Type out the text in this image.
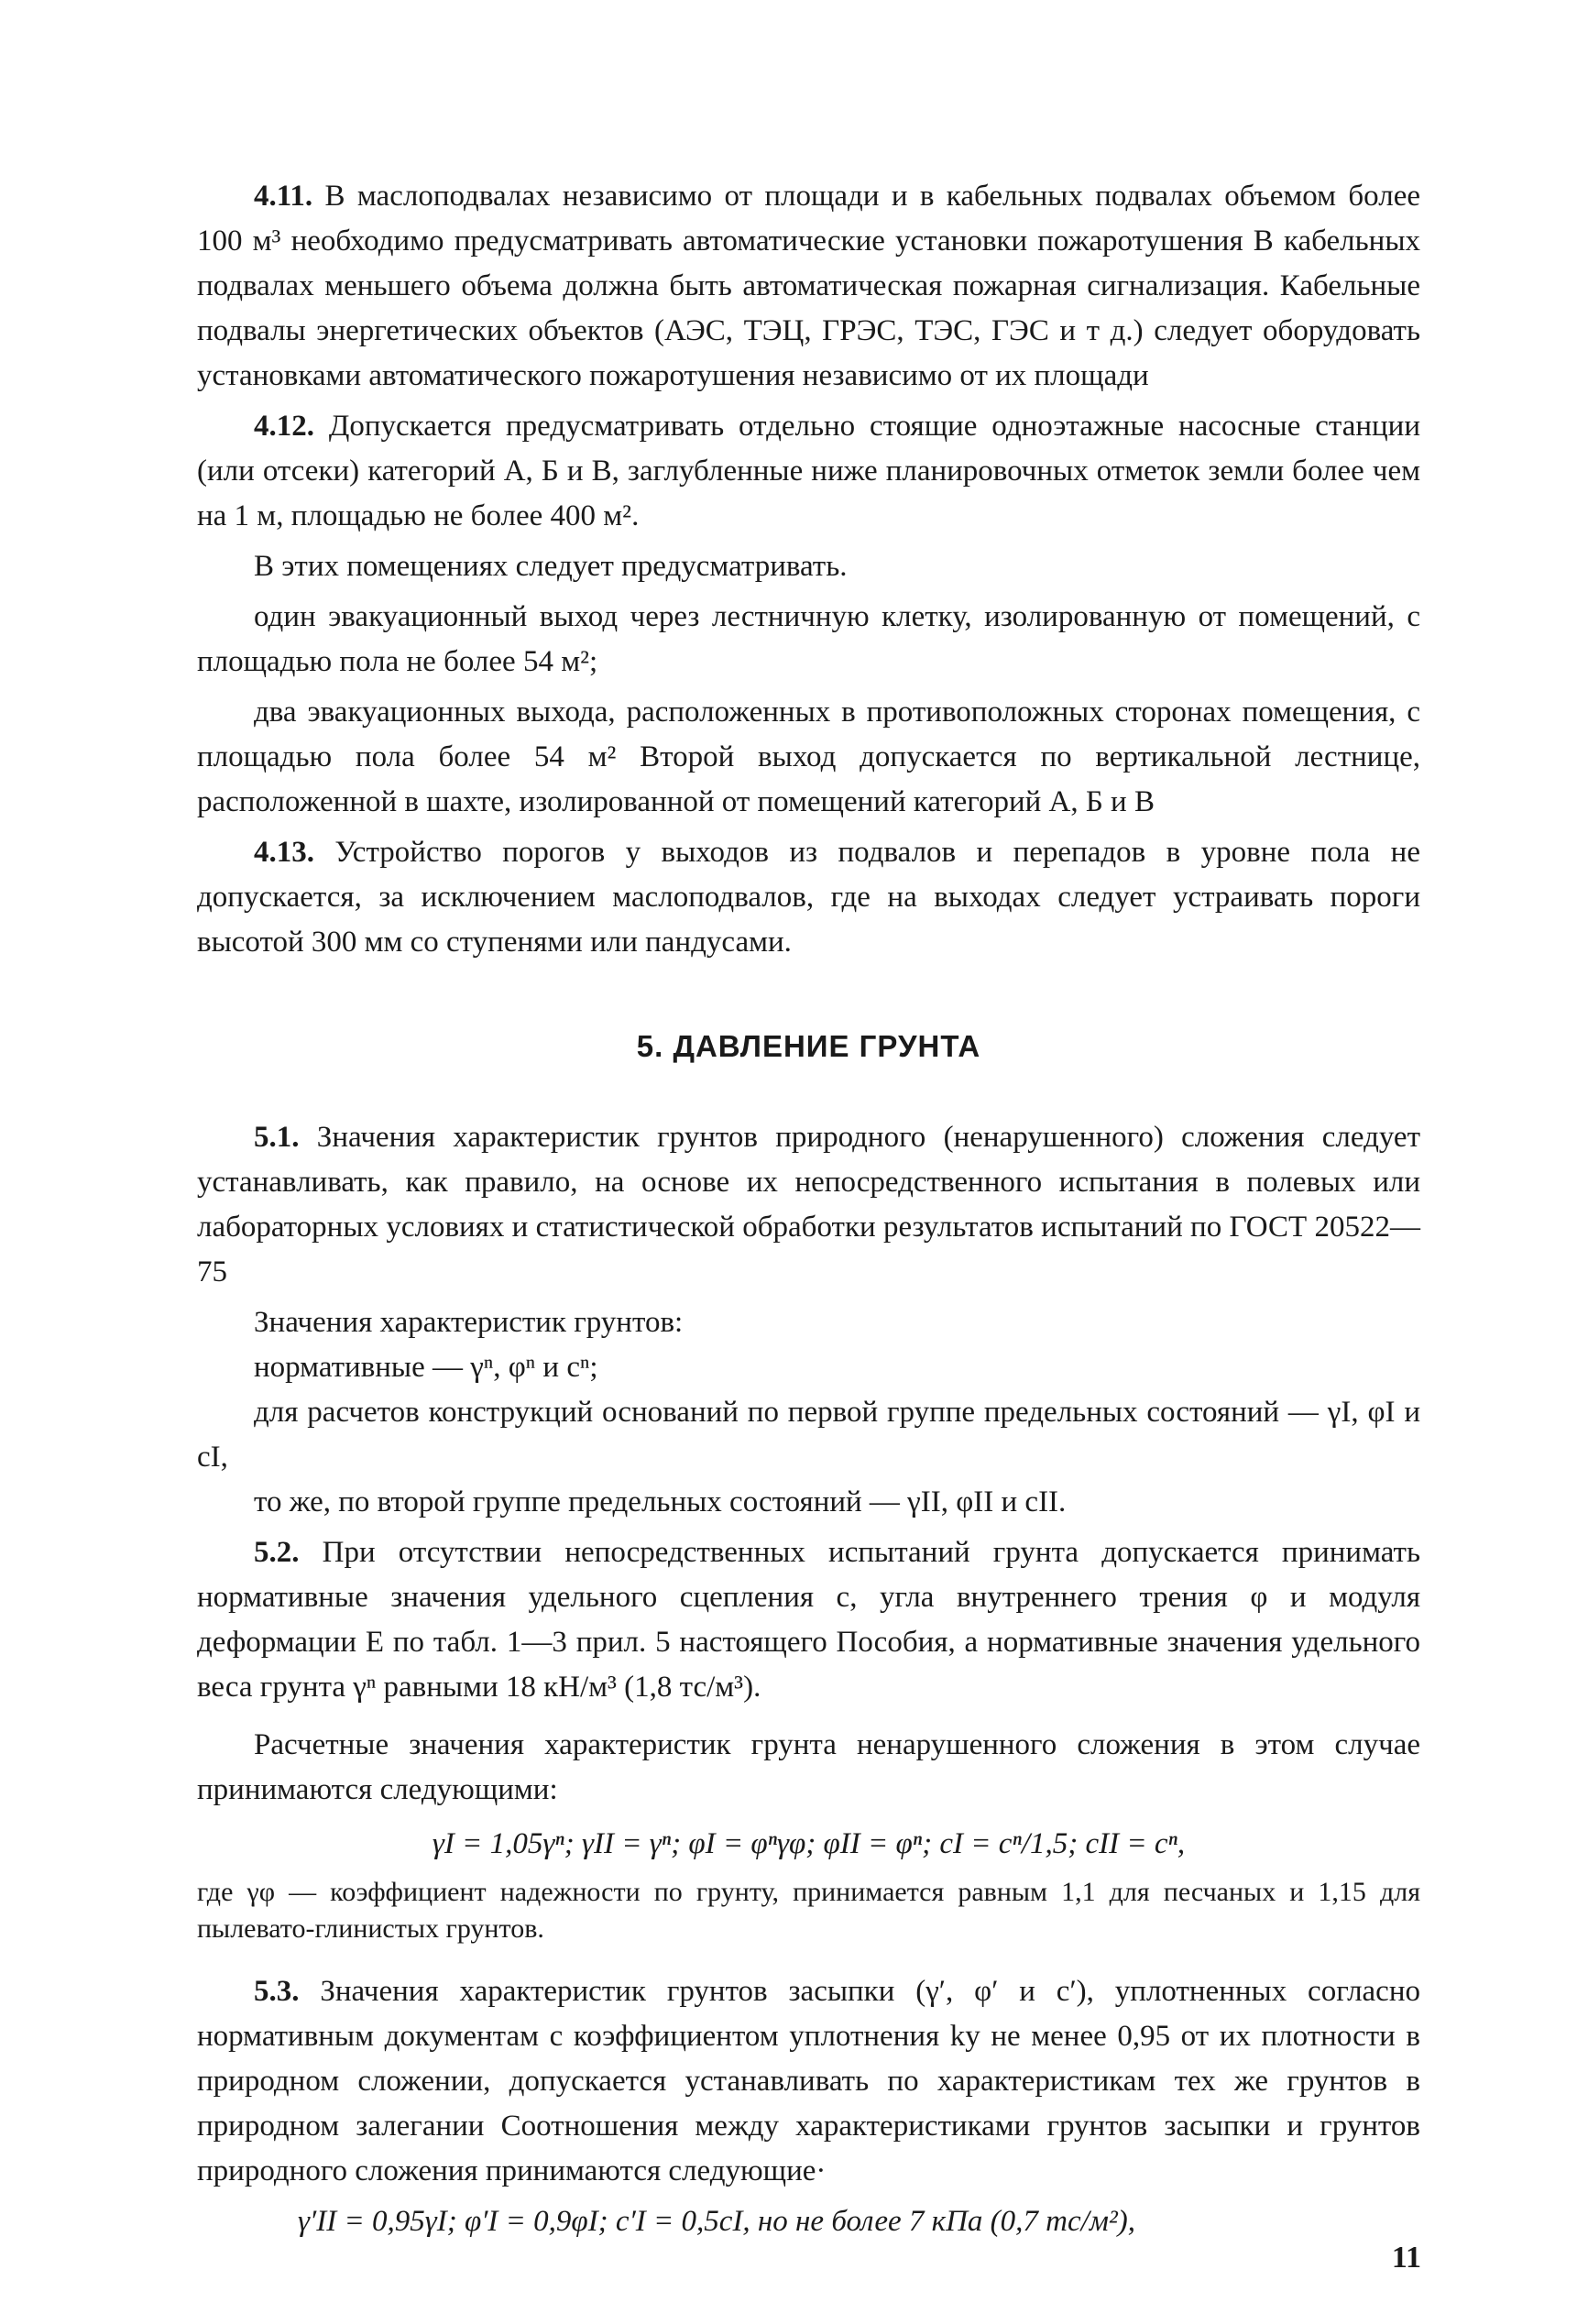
4.11. В маслоподвалах независимо от площади и в кабельных подвалах объемом более 100 м³ необходимо предусматривать автоматические установки пожаротушения В кабельных подвалах меньшего объема должна быть автоматическая пожарная сигнализация. Кабельные подвалы энергетических объектов (АЭС, ТЭЦ, ГРЭС, ТЭС, ГЭС и т д.) следует оборудовать установками автоматического пожаротушения независимо от их площади

4.12. Допускается предусматривать отдельно стоящие одноэтажные насосные станции (или отсеки) категорий А, Б и В, заглубленные ниже планировочных отметок земли более чем на 1 м, площадью не более 400 м².

В этих помещениях следует предусматривать.

один эвакуационный выход через лестничную клетку, изолированную от помещений, с площадью пола не более 54 м²;

два эвакуационных выхода, расположенных в противоположных сторонах помещения, с площадью пола более 54 м² Второй выход допускается по вертикальной лестнице, расположенной в шахте, изолированной от помещений категорий А, Б и В

4.13. Устройство порогов у выходов из подвалов и перепадов в уровне пола не допускается, за исключением маслоподвалов, где на выходах следует устраивать пороги высотой 300 мм со ступенями или пандусами.

5. ДАВЛЕНИЕ ГРУНТА

5.1. Значения характеристик грунтов природного (ненарушенного) сложения следует устанавливать, как правило, на основе их непосредственного испытания в полевых или лабораторных условиях и статистической обработки результатов испытаний по ГОСТ 20522—75

Значения характеристик грунтов:

нормативные — γⁿ, φⁿ и cⁿ;

для расчетов конструкций оснований по первой группе предельных состояний — γI, φI и cI,

то же, по второй группе предельных состояний — γII, φII и cII.

5.2. При отсутствии непосредственных испытаний грунта допускается принимать нормативные значения удельного сцепления c, угла внутреннего трения φ и модуля деформации E по табл. 1—3 прил. 5 настоящего Пособия, а нормативные значения удельного веса грунта γⁿ равными 18 кН/м³ (1,8 тс/м³).

Расчетные значения характеристик грунта ненарушенного сложения в этом случае принимаются следующими:

γI = 1,05γⁿ; γII = γⁿ; φI = φⁿγφ; φII = φⁿ; cI = cⁿ/1,5; cII = cⁿ,

где γφ — коэффициент надежности по грунту, принимается равным 1,1 для песчаных и 1,15 для пылевато-глинистых грунтов.

5.3. Значения характеристик грунтов засыпки (γ′, φ′ и c′), уплотненных согласно нормативным документам с коэффициентом уплотнения ky не менее 0,95 от их плотности в природном сложении, допускается устанавливать по характеристикам тех же грунтов в природном залегании Соотношения между характеристиками грунтов засыпки и грунтов природного сложения принимаются следующие·

γ′II = 0,95γI; φ′I = 0,9φI; c′I = 0,5cI, но не более 7 кПа (0,7 тс/м²),
11
